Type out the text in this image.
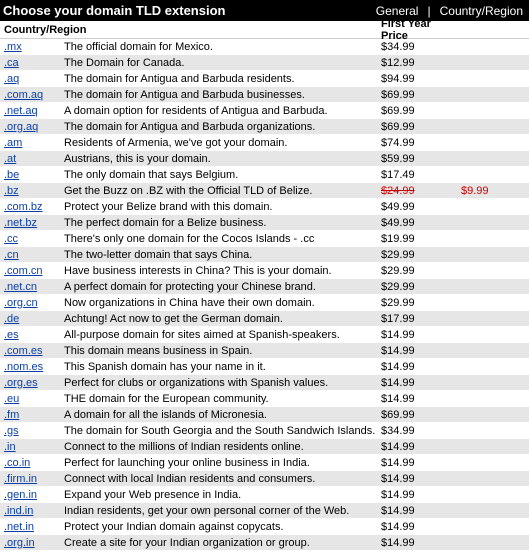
Choose your domain TLD extension	General | Country/Region
Country/Region	First Year Price
.mx	The official domain for Mexico.	$34.99
.ca	The Domain for Canada.	$12.99
.aq	The domain for Antigua and Barbuda residents.	$94.99
.com.aq	The domain for Antigua and Barbuda businesses.	$69.99
.net.aq	A domain option for residents of Antigua and Barbuda.	$69.99
.org.aq	The domain for Antigua and Barbuda organizations.	$69.99
.am	Residents of Armenia, we've got your domain.	$74.99
.at	Austrians, this is your domain.	$59.99
.be	The only domain that says Belgium.	$17.49
.bz	Get the Buzz on .BZ with the Official TLD of Belize.	$24.99	$9.99
.com.bz	Protect your Belize brand with this domain.	$49.99
.net.bz	The perfect domain for a Belize business.	$49.99
.cc	There's only one domain for the Cocos Islands - .cc	$19.99
.cn	The two-letter domain that says China.	$29.99
.com.cn	Have business interests in China? This is your domain.	$29.99
.net.cn	A perfect domain for protecting your Chinese brand.	$29.99
.org.cn	Now organizations in China have their own domain.	$29.99
.de	Achtung! Act now to get the German domain.	$17.99
.es	All-purpose domain for sites aimed at Spanish-speakers.	$14.99
.com.es	This domain means business in Spain.	$14.99
.nom.es	This Spanish domain has your name in it.	$14.99
.org.es	Perfect for clubs or organizations with Spanish values.	$14.99
.eu	THE domain for the European community.	$14.99
.fm	A domain for all the islands of Micronesia.	$69.99
.gs	The domain for South Georgia and the South Sandwich Islands. $34.99
.in	Connect to the millions of Indian residents online.	$14.99
.co.in	Perfect for launching your online business in India.	$14.99
.firm.in	Connect with local Indian residents and consumers.	$14.99
.gen.in	Expand your Web presence in India.	$14.99
.ind.in	Indian residents, get your own personal corner of the Web.	$14.99
.net.in	Protect your Indian domain against copycats.	$14.99
.org.in	Create a site for your Indian organization or group.	$14.99
